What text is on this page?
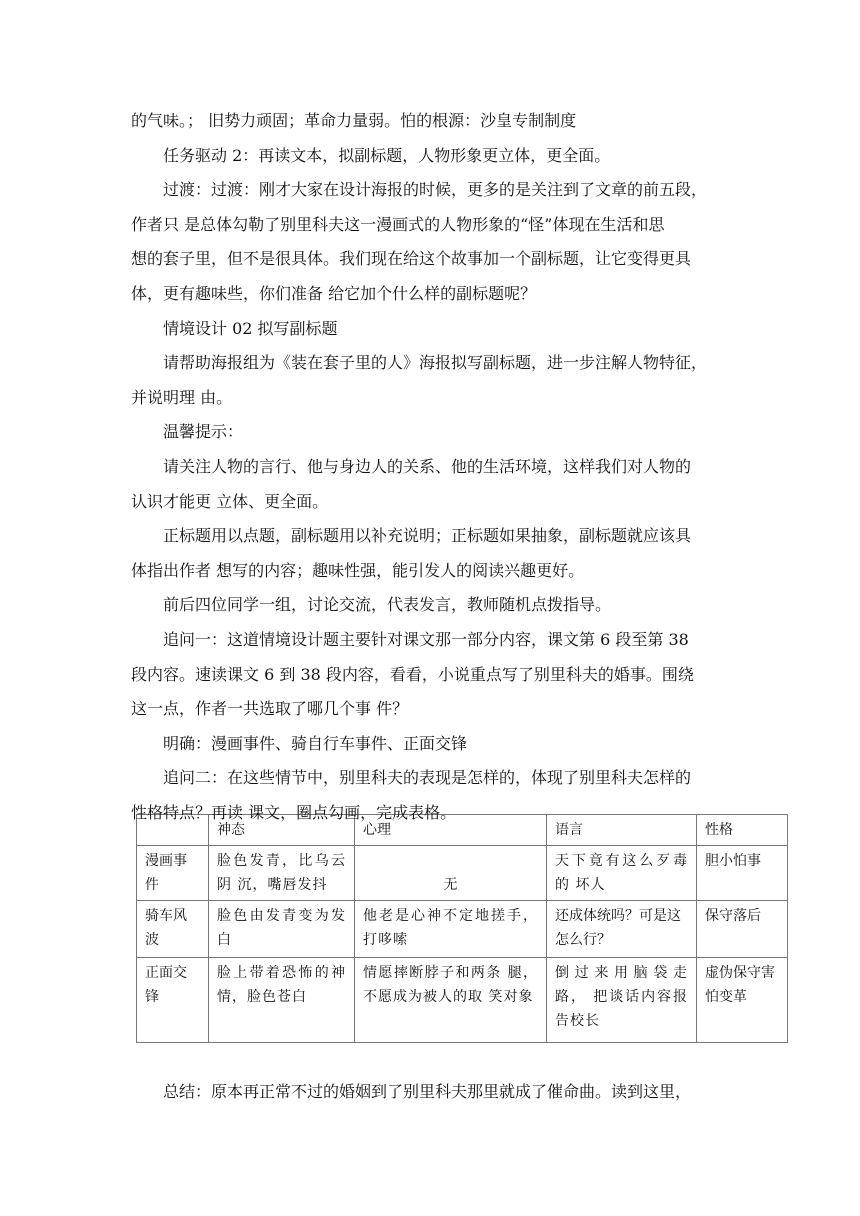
的气味。； 旧势力顽固；革命力量弱。怕的根源：沙皇专制制度

任务驱动 2：再读文本，拟副标题，人物形象更立体，更全面。

过渡：过渡：刚才大家在设计海报的时候，更多的是关注到了文章的前五段，

作者只 是总体勾勒了别里科夫这一漫画式的人物形象的“怪”体现在生活和思

想的套子里，但不是很具体。我们现在给这个故事加一个副标题，让它变得更具

体，更有趣味些，你们准备 给它加个什么样的副标题呢？

情境设计 02 拟写副标题

请帮助海报组为《装在套子里的人》海报拟写副标题，进一步注解人物特征，

并说明理 由。

温馨提示：

请关注人物的言行、他与身边人的关系、他的生活环境，这样我们对人物的

认识才能更 立体、更全面。

正标题用以点题，副标题用以补充说明；正标题如果抽象，副标题就应该具

体指出作者 想写的内容；趣味性强，能引发人的阅读兴趣更好。

前后四位同学一组，讨论交流，代表发言，教师随机点拨指导。

追问一：这道情境设计题主要针对课文那一部分内容，课文第 6 段至第 38

段内容。速读课文 6 到 38 段内容，看看，小说重点写了别里科夫的婚事。围绕

这一点，作者一共选取了哪几个事 件？

明确：漫画事件、骑自行车事件、正面交锋

追问二：在这些情节中，别里科夫的表现是怎样的，体现了别里科夫怎样的

	神态	心理	语言	性格
漫画事件	脸色发青，比乌云阴 沉，嘴唇发抖	无	天下竟有这么歹毒的 坏人	胆小怕事
骑车风波	脸色由发青变为发白	他老是心神不定地搓手，打哆嗦	还成体统吗？可是这怎么行？	保守落后
正面交锋	脸上带着恐怖的神 情，脸色苍白	情愿摔断脖子和两条 腿，不愿成为被人的取 笑对象	倒过来用脑袋走路， 把谈话内容报告校长	虚伪保守害怕变革

总结：原本再正常不过的婚姻到了别里科夫那里就成了催命曲。读到这里，

性格特点？再读 课文，圈点勾画，完成表格。
